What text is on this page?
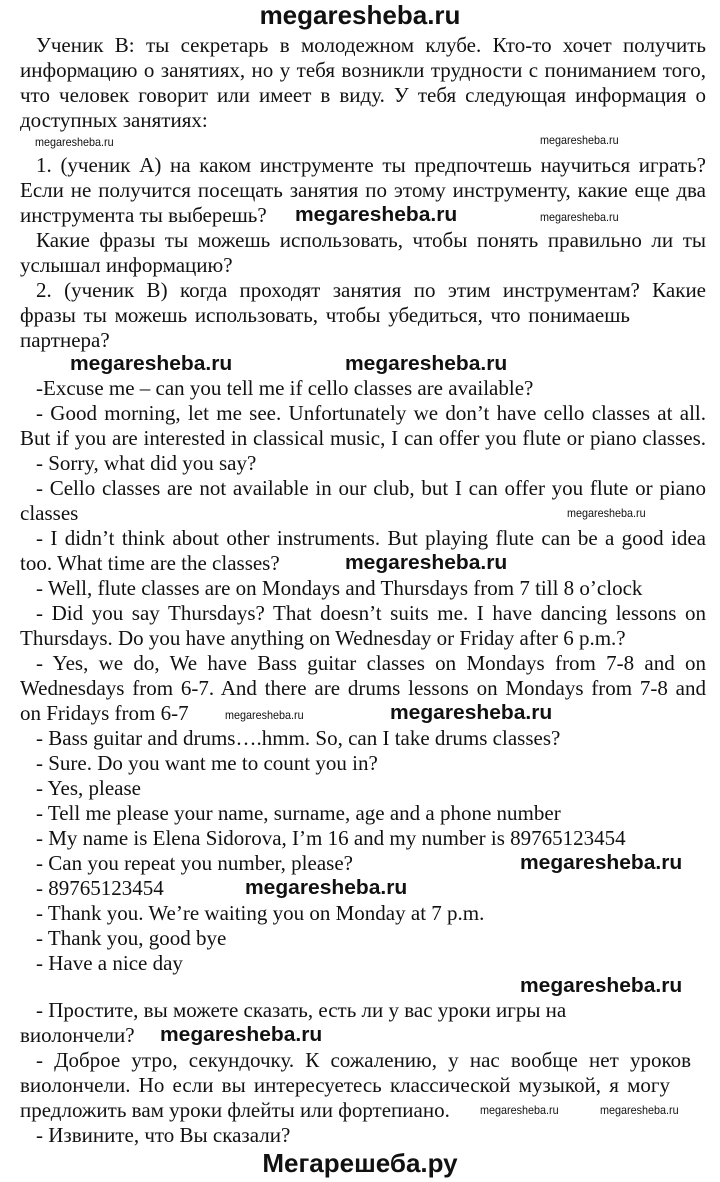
megaresheba.ru
Ученик В: ты секретарь в молодежном клубе. Кто-то хочет получить
информацию о занятиях, но у тебя возникли трудности с пониманием того,
что человек говорит или имеет в виду. У тебя следующая информация о
доступных занятиях:
megaresheba.ru	megaresheba.ru
1. (ученик А) на каком инструменте ты предпочтешь научиться играть?
Если не получится посещать занятия по этому инструменту, какие еще два
инструмента ты выберешь?	megaresheba.ru	megaresheba.ru
Какие фразы ты можешь использовать, чтобы понять правильно ли ты
услышал информацию?
2. (ученик В) когда проходят занятия по этим инструментам? Какие
фразы ты можешь использовать, чтобы убедиться, что понимаешь
партнера?
megaresheba.ru	megaresheba.ru
-Excuse me – can you tell me if cello classes are available?
- Good morning, let me see. Unfortunately we don’t have cello classes at all.
But if you are interested in classical music, I can offer you flute or piano classes.
- Sorry, what did you say?
- Cello classes are not available in our club, but I can offer you flute or piano
classes	megaresheba.ru
- I didn’t think about other instruments. But playing flute can be a good idea
too. What time are the classes?	megaresheba.ru
- Well, flute classes are on Mondays and Thursdays from 7 till 8 o’clock
- Did you say Thursdays? That doesn’t suits me. I have dancing lessons on
Thursdays. Do you have anything on Wednesday or Friday after 6 p.m.?
- Yes, we do, We have Bass guitar classes on Mondays from 7-8 and on
Wednesdays from 6-7. And there are drums lessons on Mondays from 7-8 and
on Fridays from 6-7	megaresheba.ru	megaresheba.ru
- Bass guitar and drums….hmm. So, can I take drums classes?
- Sure. Do you want me to count you in?
- Yes, please
- Tell me please your name, surname, age and a phone number
- My name is Elena Sidorova, I’m 16 and my number is 89765123454
- Can you repeat you number, please?	megaresheba.ru
- 89765123454	megaresheba.ru
- Thank you. We’re waiting you on Monday at 7 p.m.
- Thank you, good bye
- Have a nice day
megaresheba.ru
- Простите, вы можете сказать, есть ли у вас уроки игры на
виолончели?	megaresheba.ru
- Доброе утро, секундочку. К сожалению, у нас вообще нет уроков
виолончели. Но если вы интересуетесь классической музыкой, я могу
предложить вам уроки флейты или фортепиано.	megaresheba.ru	megaresheba.ru
- Извините, что Вы сказали?
Мегарешеба.ру
